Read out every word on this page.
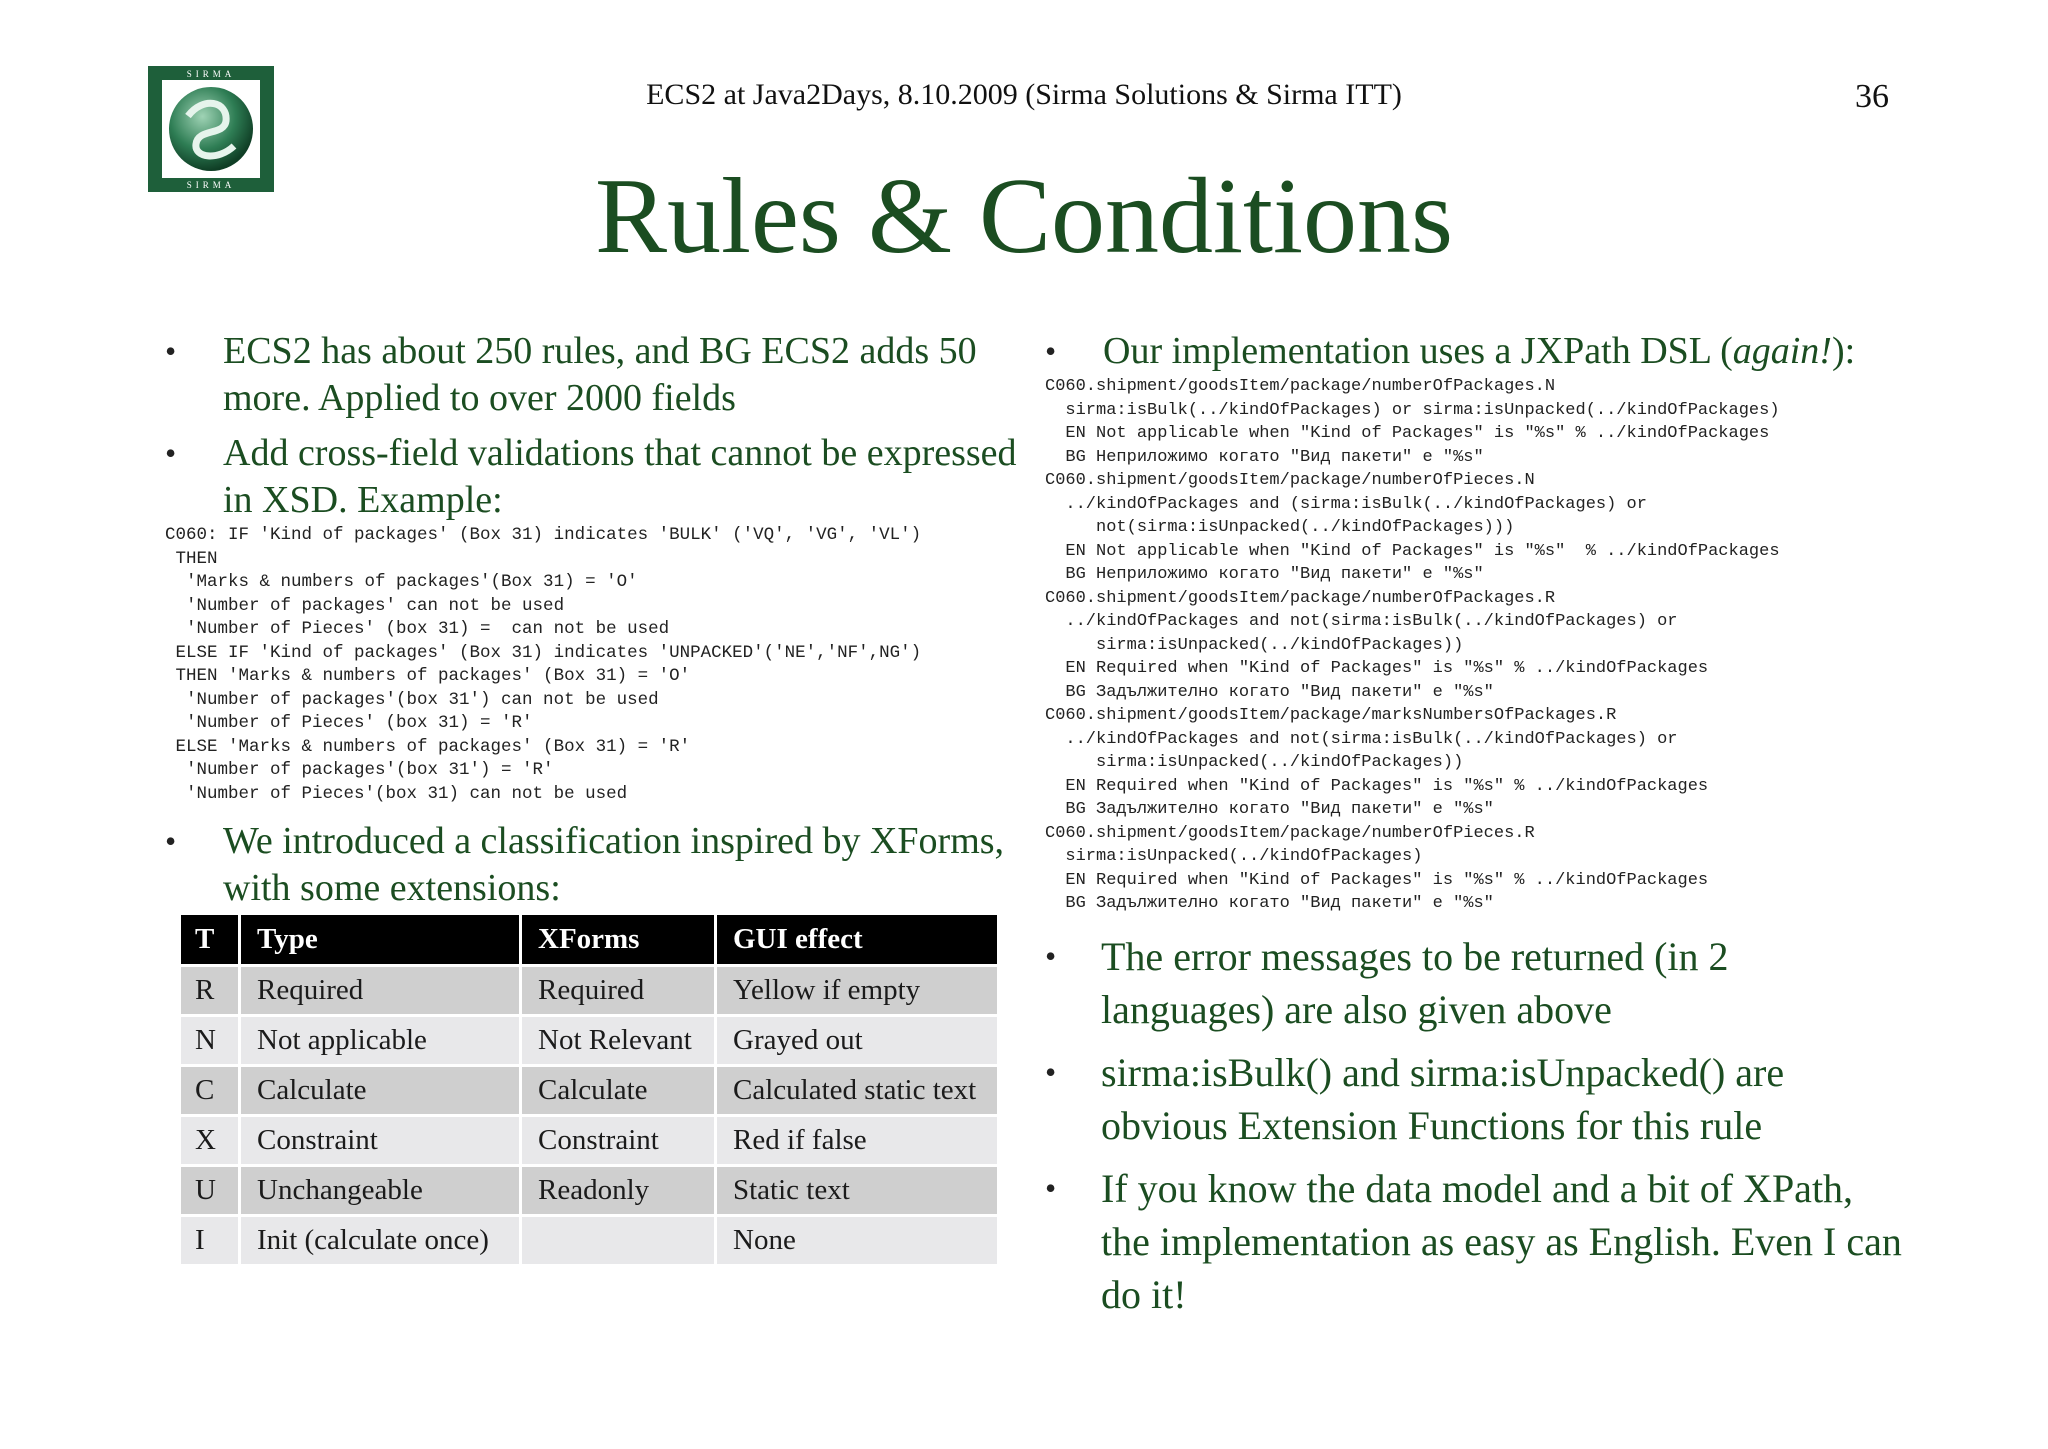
SIRMA
SIRMA
ECS2 at Java2Days, 8.10.2009 (Sirma Solutions & Sirma ITT)	36
Rules & Conditions
• ECS2 has about 250 rules, and BG ECS2 adds 50 more. Applied to over 2000 fields
• Add cross-field validations that cannot be expressed in XSD. Example:
C060: IF 'Kind of packages' (Box 31) indicates 'BULK' ('VQ', 'VG', 'VL')
THEN
'Marks & numbers of packages'(Box 31) = 'O'
'Number of packages' can not be used
'Number of Pieces' (box 31) =  can not be used
ELSE IF 'Kind of packages' (Box 31) indicates 'UNPACKED'('NE','NF',NG')
THEN 'Marks & numbers of packages' (Box 31) = 'O'
'Number of packages'(box 31') can not be used
'Number of Pieces' (box 31) = 'R'
ELSE 'Marks & numbers of packages' (Box 31) = 'R'
'Number of packages'(box 31') = 'R'
'Number of Pieces'(box 31) can not be used
• We introduced a classification inspired by XForms, with some extensions:
T	Type	XForms	GUI effect
R	Required	Required	Yellow if empty
N	Not applicable	Not Relevant	Grayed out
C	Calculate	Calculate	Calculated static text
X	Constraint	Constraint	Red if false
U	Unchangeable	Readonly	Static text
I	Init (calculate once)		None
• Our implementation uses a JXPath DSL (again!):
C060.shipment/goodsItem/package/numberOfPackages.N
sirma:isBulk(../kindOfPackages) or sirma:isUnpacked(../kindOfPackages)
EN Not applicable when "Kind of Packages" is "%s" % ../kindOfPackages
BG Неприложимо когато "Вид пакети" е "%s"
C060.shipment/goodsItem/package/numberOfPieces.N
../kindOfPackages and (sirma:isBulk(../kindOfPackages) or
not(sirma:isUnpacked(../kindOfPackages)))
EN Not applicable when "Kind of Packages" is "%s"  % ../kindOfPackages
BG Неприложимо когато "Вид пакети" е "%s"
C060.shipment/goodsItem/package/numberOfPackages.R
../kindOfPackages and not(sirma:isBulk(../kindOfPackages) or
sirma:isUnpacked(../kindOfPackages))
EN Required when "Kind of Packages" is "%s" % ../kindOfPackages
BG Задължително когато "Вид пакети" е "%s"
C060.shipment/goodsItem/package/marksNumbersOfPackages.R
../kindOfPackages and not(sirma:isBulk(../kindOfPackages) or
sirma:isUnpacked(../kindOfPackages))
EN Required when "Kind of Packages" is "%s" % ../kindOfPackages
BG Задължително когато "Вид пакети" е "%s"
C060.shipment/goodsItem/package/numberOfPieces.R
sirma:isUnpacked(../kindOfPackages)
EN Required when "Kind of Packages" is "%s" % ../kindOfPackages
BG Задължително когато "Вид пакети" е "%s"
• The error messages to be returned (in 2 languages) are also given above
• sirma:isBulk() and sirma:isUnpacked() are obvious Extension Functions for this rule
• If you know the data model and a bit of XPath, the implementation as easy as English. Even I can do it!
